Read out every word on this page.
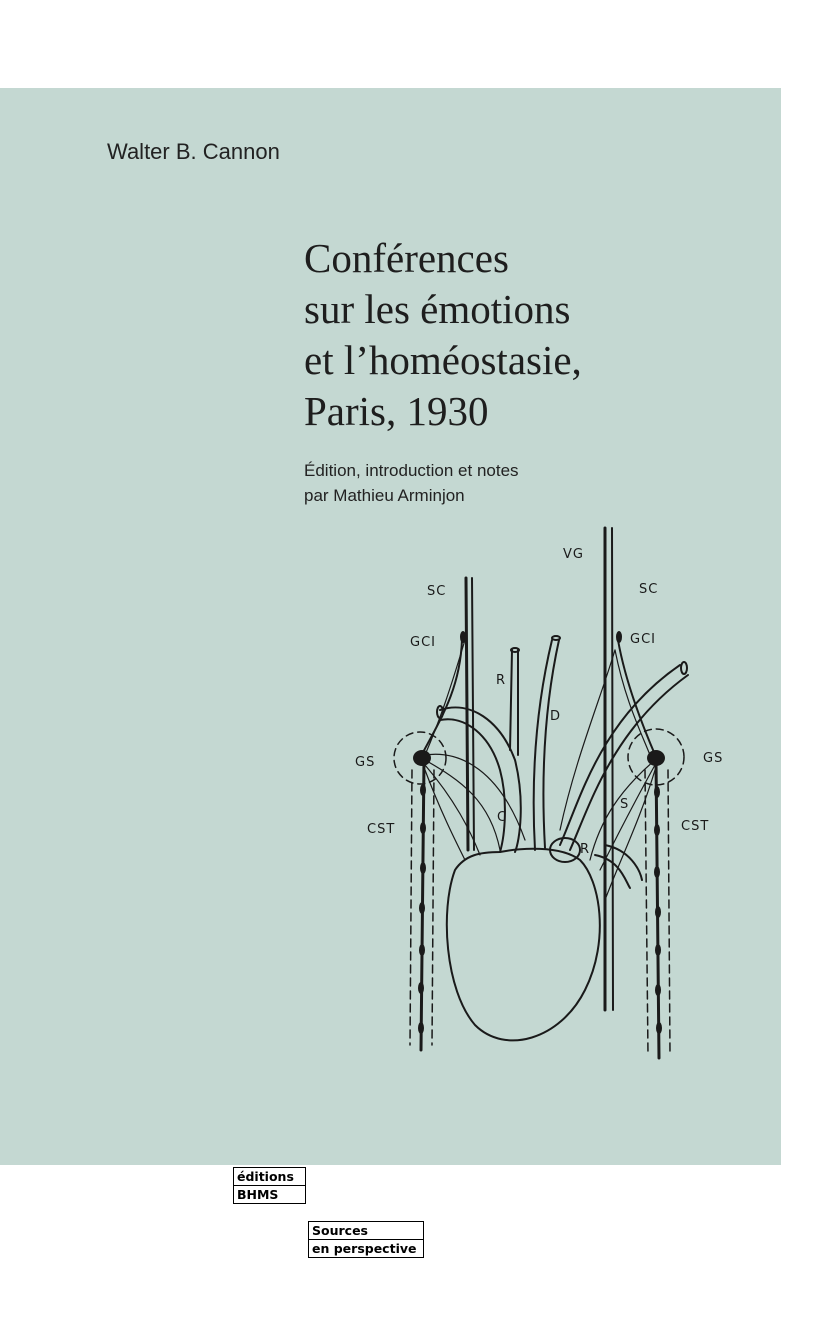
Walter B. Cannon
Conférences
sur les émotions
et l’homéostasie,
Paris, 1930
Édition, introduction et notes
par Mathieu Arminjon
VG
SC	SC
GCI	GCI
GS	GS
CST	CST
R
D
C
S
R
éditions
BHMS
Sources
en perspective
